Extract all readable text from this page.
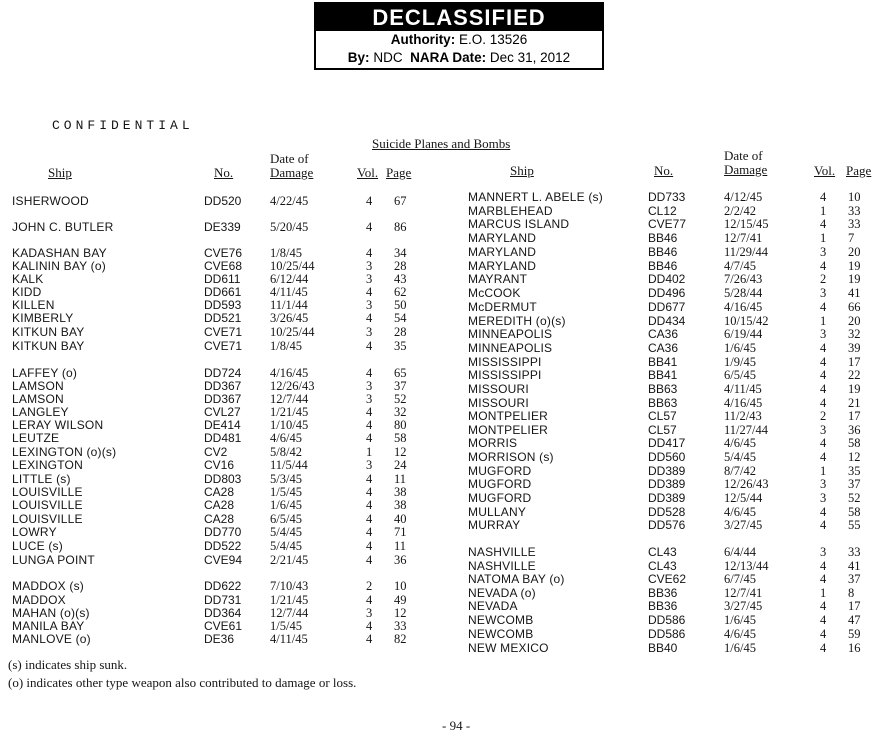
DECLASSIFIED
Authority: E.O. 13526
By: NDC NARA Date: Dec 31, 2012
CONFIDENTIAL
Suicide Planes and Bombs
Ship	No.
Date of
Damage	Vol. Page	Ship	No.
Date of
Damage	Vol. Page
ISHERWOOD	DD520 4/22/45	4 67
JOHN C. BUTLER	DE339 5/20/45	4 86
KADASHAN BAY	CVE76 1/8/45	4 34
KALININ BAY (o)	CVE68 10/25/44	3 28
KALK	DD611 6/12/44	3 43
KIDD	DD661 4/11/45	4 62
KILLEN	DD593 11/1/44	3 50
KIMBERLY	DD521 3/26/45	4 54
KITKUN BAY	CVE71 10/25/44	3 28
KITKUN BAY	CVE71 1/8/45	4 35
LAFFEY (o)	DD724 4/16/45	4 65
LAMSON	DD367 12/26/43	3 37
LAMSON	DD367 12/7/44	3 52
LANGLEY	CVL27 1/21/45	4 32
LERAY WILSON	DE414 1/10/45	4 80
LEUTZE	DD481 4/6/45	4 58
LEXINGTON (o)(s)	CV2	5/8/42	1 12
LEXINGTON	CV16	11/5/44	3 24
LITTLE (s)	DD803 5/3/45	4 11
LOUISVILLE	CA28	1/5/45	4 38
LOUISVILLE	CA28	1/6/45	4 38
LOUISVILLE	CA28	6/5/45	4 40
LOWRY	DD770 5/4/45	4 71
LUCE (s)	DD522 5/4/45	4 11
LUNGA POINT	CVE94 2/21/45	4 36
MADDOX (s)	DD622 7/10/43	2 10
MADDOX	DD731 1/21/45	4 49
MAHAN (o)(s)	DD364 12/7/44	3 12
MANILA BAY	CVE61 1/5/45	4 33
MANLOVE (o)	DE36	4/11/45	4 82
MANNERT L. ABELE (s)	DD733	4/12/45	4 10
MARBLEHEAD	CL12	2/2/42	1 33
MARCUS ISLAND	CVE77	12/15/45	4 33
MARYLAND	BB46	12/7/41	1 7
MARYLAND	BB46	11/29/44	3 20
MARYLAND	BB46	4/7/45	4 19
MAYRANT	DD402	7/26/43	2 19
McCOOK	DD496	5/28/44	3 41
McDERMUT	DD677	4/16/45	4 66
MEREDITH (o)(s)	DD434	10/15/42	1 20
MINNEAPOLIS	CA36	6/19/44	3 32
MINNEAPOLIS	CA36	1/6/45	4 39
MISSISSIPPI	BB41	1/9/45	4 17
MISSISSIPPI	BB41	6/5/45	4 22
MISSOURI	BB63	4/11/45	4 19
MISSOURI	BB63	4/16/45	4 21
MONTPELIER	CL57	11/2/43	2 17
MONTPELIER	CL57	11/27/44	3 36
MORRIS	DD417	4/6/45	4 58
MORRISON (s)	DD560	5/4/45	4 12
MUGFORD	DD389	8/7/42	1 35
MUGFORD	DD389	12/26/43	3 37
MUGFORD	DD389	12/5/44	3 52
MULLANY	DD528	4/6/45	4 58
MURRAY	DD576	3/27/45	4 55
NASHVILLE	CL43	6/4/44	3 33
NASHVILLE	CL43	12/13/44	4 41
NATOMA BAY (o)	CVE62	6/7/45	4 37
NEVADA (o)	BB36	12/7/41	1 8
NEVADA	BB36	3/27/45	4 17
NEWCOMB	DD586	1/6/45	4 47
NEWCOMB	DD586	4/6/45	4 59
NEW MEXICO	BB40	1/6/45	4 16
(s) indicates ship sunk.
(o) indicates other type weapon also contributed to damage or loss.
- 94 -
